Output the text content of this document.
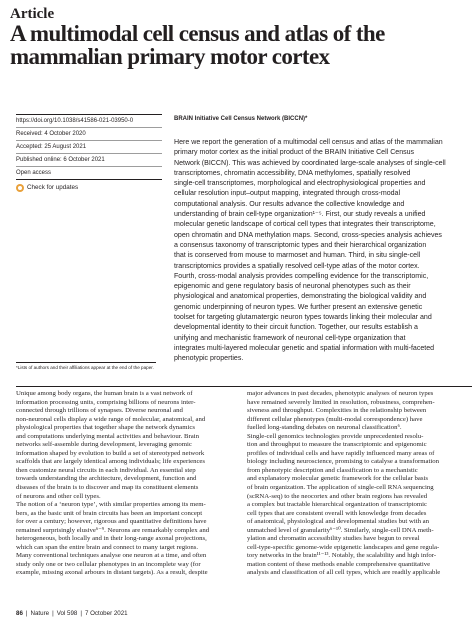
Article
A multimodal cell census and atlas of the
mammalian primary motor cortex
https://doi.org/10.1038/s41586-021-03950-0
Received: 4 October 2020
Accepted: 25 August 2021
Published online: 6 October 2021
Open access
Check for updates
BRAIN Initiative Cell Census Network (BICCN)*

Here we report the generation of a multimodal cell census and atlas of the mammalian
primary motor cortex as the initial product of the BRAIN Initiative Cell Census
Network (BICCN). This was achieved by coordinated large-scale analyses of single-cell
transcriptomes, chromatin accessibility, DNA methylomes, spatially resolved
single-cell transcriptomes, morphological and electrophysiological properties and
cellular resolution input–output mapping, integrated through cross-modal
computational analysis. Our results advance the collective knowledge and
understanding of brain cell-type organization¹⁻⁵. First, our study reveals a unified
molecular genetic landscape of cortical cell types that integrates their transcriptome,
open chromatin and DNA methylation maps. Second, cross-species analysis achieves
a consensus taxonomy of transcriptomic types and their hierarchical organization
that is conserved from mouse to marmoset and human. Third, in situ single-cell
transcriptomics provides a spatially resolved cell-type atlas of the motor cortex.
Fourth, cross-modal analysis provides compelling evidence for the transcriptomic,
epigenomic and gene regulatory basis of neuronal phenotypes such as their
physiological and anatomical properties, demonstrating the biological validity and
genomic underpinning of neuron types. We further present an extensive genetic
toolset for targeting glutamatergic neuron types towards linking their molecular and
developmental identity to their circuit function. Together, our results establish a
unifying and mechanistic framework of neuronal cell-type organization that
integrates multi-layered molecular genetic and spatial information with multi-faceted
phenotypic properties.

*Lists of authors and their affiliations appear at the end of the paper.

Unique among body organs, the human brain is a vast network of
information processing units, comprising billions of neurons inter-
connected through trillions of synapses. Diverse neuronal and
non-neuronal cells display a wide range of molecular, anatomical, and
physiological properties that together shape the network dynamics
and computations underlying mental activities and behaviour. Brain
networks self-assemble during development, leveraging genomic
information shaped by evolution to build a set of stereotyped network
scaffolds that are largely identical among individuals; life experiences
then customize neural circuits in each individual. An essential step
towards understanding the architecture, development, function and
diseases of the brain is to discover and map its constituent elements
of neurons and other cell types.
The notion of a ‘neuron type’, with similar properties among its mem-
bers, as the basic unit of brain circuits has been an important concept
for over a century; however, rigorous and quantitative definitions have
remained surprisingly elusive⁶⁻⁹. Neurons are remarkably complex and
heterogeneous, both locally and in their long-range axonal projections,
which can span the entire brain and connect to many target regions.
Many conventional techniques analyse one neuron at a time, and often
study only one or two cellular phenotypes in an incomplete way (for
example, missing axonal arbours in distant targets). As a result, despite

major advances in past decades, phenotypic analyses of neuron types
have remained severely limited in resolution, robustness, comprehen-
siveness and throughput. Complexities in the relationship between
different cellular phenotypes (multi-modal correspondence) have
fuelled long-standing debates on neuronal classification⁶.
Single-cell genomics technologies provide unprecedented resolu-
tion and throughput to measure the transcriptomic and epigenomic
profiles of individual cells and have rapidly influenced many areas of
biology including neuroscience, promising to catalyse a transformation
from phenotypic description and classification to a mechanistic
and explanatory molecular genetic framework for the cellular basis
of brain organization. The application of single-cell RNA sequencing
(scRNA-seq) to the neocortex and other brain regions has revealed
a complex but tractable hierarchical organization of transcriptomic
cell types that are consistent overall with knowledge from decades
of anatomical, physiological and developmental studies but with an
unmatched level of granularity⁶⁻¹⁰. Similarly, single-cell DNA meth-
ylation and chromatin accessibility studies have begun to reveal
cell-type-specific genome-wide epigenetic landscapes and gene regula-
tory networks in the brain¹¹⁻¹³. Notably, the scalability and high infor-
mation content of these methods enable comprehensive quantitative
analysis and classification of all cell types, which are readily applicable

86 | Nature | Vol 598 | 7 October 2021
